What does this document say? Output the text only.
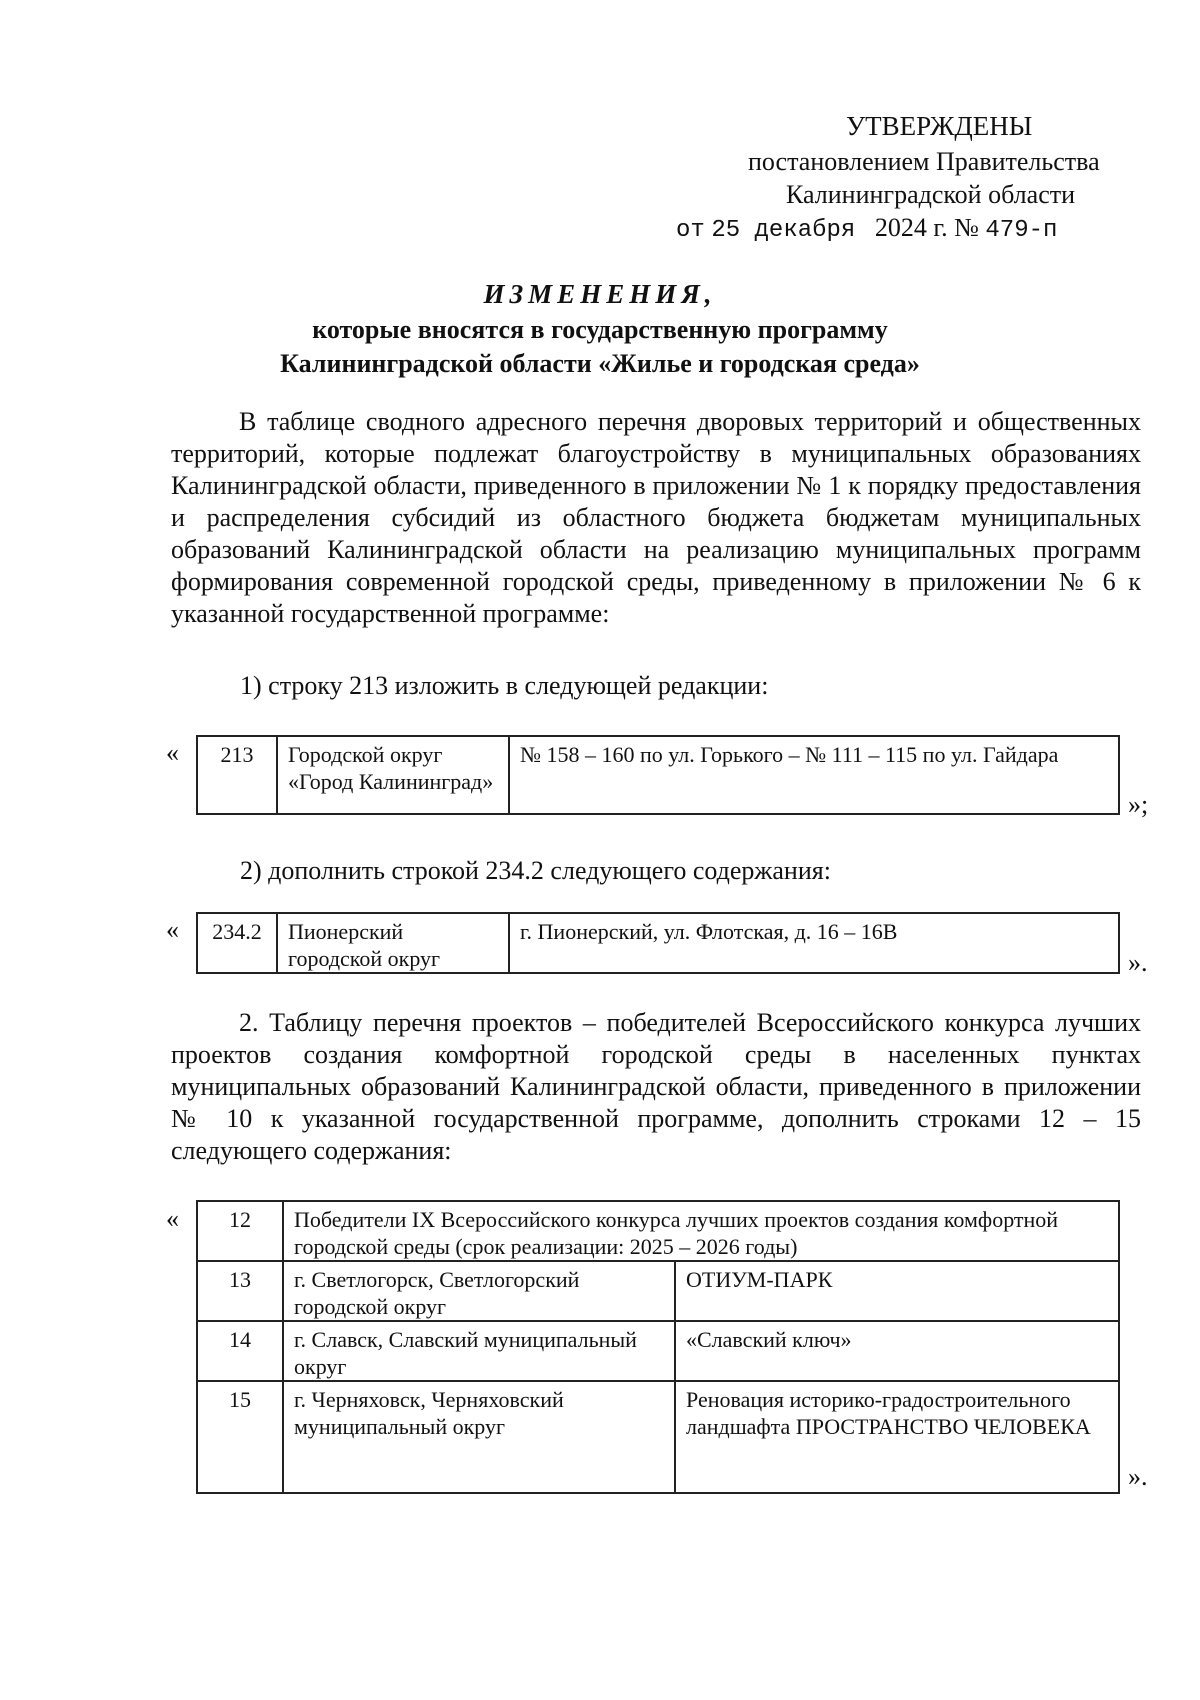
УТВЕРЖДЕНЫ
постановлением Правительства
Калининградской области
от 25 декабря 2024 г. № 479-п
ИЗМЕНЕНИЯ,
которые вносятся в государственную программу
Калининградской области «Жилье и городская среда»
В таблице сводного адресного перечня дворовых территорий и общественных территорий, которые подлежат благоустройству в муниципальных образованиях Калининградской области, приведенного в приложении № 1 к порядку предоставления и распределения субсидий из областного бюджета бюджетам муниципальных образований Калининградской области на реализацию муниципальных программ формирования современной городской среды, приведенному в приложении № 6 к указанной государственной программе:
1) строку 213 изложить в следующей редакции:
« 213	Городской округ «Город Калининград»	№ 158 – 160 по ул. Горького – № 111 – 115 по ул. Гайдара
»;
2) дополнить строкой 234.2 следующего содержания:
« 234.2	Пионерский городской округ	г. Пионерский, ул. Флотская, д. 16 – 16В
».
2. Таблицу перечня проектов – победителей Всероссийского конкурса лучших проектов создания комфортной городской среды в населенных пунктах муниципальных образований Калининградской области, приведенного в приложении № 10 к указанной государственной программе, дополнить строками 12 – 15 следующего содержания:
« 12	Победители IX Всероссийского конкурса лучших проектов создания комфортной городской среды (срок реализации: 2025 – 2026 годы)	
13	г. Светлогорск, Светлогорский городской округ	ОТИУМ-ПАРК
14	г. Славск, Славский муниципальный округ	«Славский ключ»
15	г. Черняховск, Черняховский муниципальный округ	Реновация историко-градостроительного ландшафта ПРОСТРАНСТВО ЧЕЛОВЕКА
».
